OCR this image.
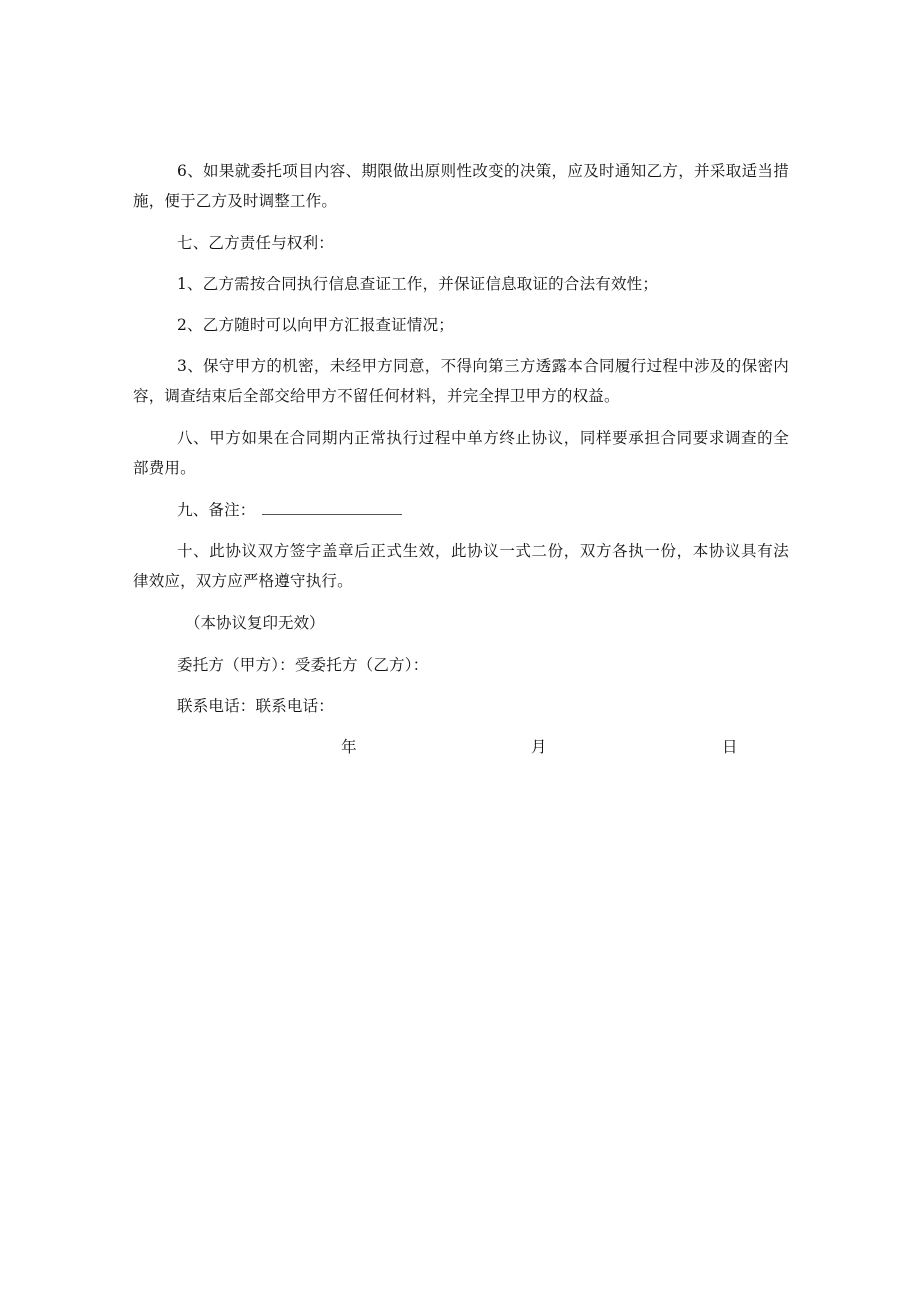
6、如果就委托项目内容、期限做出原则性改变的决策，应及时通知乙方，并采取适当措施，便于乙方及时调整工作。

七、乙方责任与权利：

1、乙方需按合同执行信息查证工作，并保证信息取证的合法有效性；

2、乙方随时可以向甲方汇报查证情况；

3、保守甲方的机密，未经甲方同意，不得向第三方透露本合同履行过程中涉及的保密内容，调查结束后全部交给甲方不留任何材料，并完全捍卫甲方的权益。

八、甲方如果在合同期内正常执行过程中单方终止协议，同样要承担合同要求调查的全部费用。

九、备注：

十、此协议双方签字盖章后正式生效，此协议一式二份，双方各执一份，本协议具有法律效应，双方应严格遵守执行。

（本协议复印无效）

委托方（甲方）：受委托方（乙方）：

联系电话：联系电话：

年	月	日
